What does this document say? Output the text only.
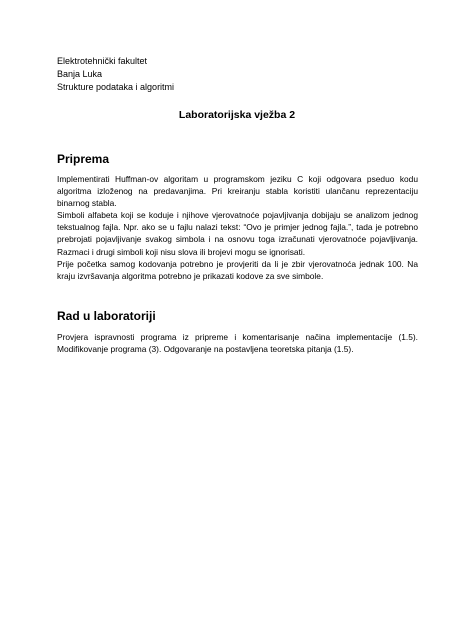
Elektrotehnički fakultet
Banja Luka
Strukture podataka i algoritmi
Laboratorijska vježba 2
Priprema
Implementirati Huffman-ov algoritam u programskom jeziku C koji odgovara pseduo kodu algoritma izloženog na predavanjima. Pri kreiranju stabla koristiti ulančanu reprezentaciju binarnog stabla.
Simboli alfabeta koji se koduje i njihove vjerovatnoće pojavljivanja dobijaju se analizom jednog tekstualnog fajla. Npr. ako se u fajlu nalazi tekst: “Ovo je primjer jednog fajla.”, tada je potrebno prebrojati pojavljivanje svakog simbola i na osnovu toga izračunati vjerovatnoće pojavljivanja. Razmaci i drugi simboli koji nisu slova ili brojevi mogu se ignorisati.
Prije početka samog kodovanja potrebno je provjeriti da li je zbir vjerovatnoća jednak 100. Na kraju izvršavanja algoritma potrebno je prikazati kodove za sve simbole.
Rad u laboratoriji
Provjera ispravnosti programa iz pripreme i komentarisanje načina implementacije (1.5). Modifikovanje programa (3). Odgovaranje na postavljena teoretska pitanja (1.5).
